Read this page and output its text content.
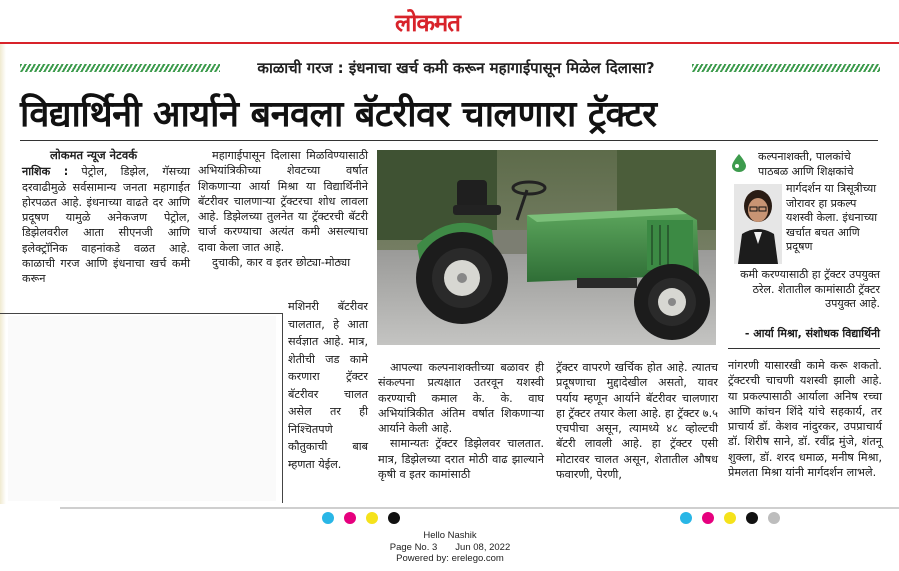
लोकमत
काळाची गरज : इंधनाचा खर्च कमी करून महागाईपासून मिळेल दिलासा?
विद्यार्थिनी आर्याने बनवला बॅटरीवर चालणारा ट्रॅक्टर
लोकमत न्यूज नेटवर्क
नाशिक : पेट्रोल, डिझेल, गॅसच्या दरवाढीमुळे सर्वसामान्य जनता महागाईत होरपळत आहे. इंधनाच्या वाढते दर आणि प्रदूषण यामुळे अनेकजण पेट्रोल, डिझेलवरील आता सीएनजी आणि इलेक्ट्रॉनिक वाहनांकडे वळत आहे. काळाची गरज आणि इंधनाचा खर्च कमी करून

महागाईपासून दिलासा मिळविण्यासाठी अभियांत्रिकीच्या शेवटच्या वर्षात शिकणाऱ्या आर्या मिश्रा या विद्यार्थिनीने बॅटरीवर चालणाऱ्या ट्रॅक्टरचा शोध लावला आहे. डिझेलच्या तुलनेत या ट्रॅक्टरची बॅटरी चार्ज करण्याचा अत्यंत कमी असल्याचा दावा केला जात आहे.

दुचाकी, कार व इतर छोट्या-मोठ्या

मशिनरी बॅटरीवर चालतात, हे आता सर्वज्ञात आहे. मात्र, शेतीची जड कामे करणारा ट्रॅक्टर बॅटरीवर चालत असेल तर ही निश्चितपणे कौतुकाची बाब म्हणता येईल.

आपल्या कल्पनाशक्तीच्या बळावर ही संकल्पना प्रत्यक्षात उतरवून यशस्वी करण्याची कमाल के. के. वाघ अभियांत्रिकीत अंतिम वर्षात शिकणाऱ्या आर्याने केली आहे.

सामान्यतः ट्रॅक्टर डिझेलवर चालतात. मात्र, डिझेलच्या दरात मोठी वाढ झाल्याने कृषी व इतर कामांसाठी

ट्रॅक्टर वापरणे खर्चिक होत आहे. त्यातच प्रदूषणाचा मुद्दादेखील असतो, यावर पर्याय म्हणून आर्याने बॅटरीवर चालणारा हा ट्रॅक्टर तयार केला आहे. हा ट्रॅक्टर ७.५ एचपीचा असून, त्यामध्ये ४८ व्होल्टची बॅटरी लावली आहे. हा ट्रॅक्टर एसी मोटारवर चालत असून, शेतातील औषध फवारणी, पेरणी,
कल्पनाशक्ती, पालकांचे पाठबळ आणि शिक्षकांचे
मार्गदर्शन या त्रिसूत्रीच्या जोरावर हा प्रकल्प यशस्वी केला. इंधनाच्या खर्चात बचत आणि प्रदूषण
कमी करण्यासाठी हा ट्रॅक्टर उपयुक्त ठरेल. शेतातील कामांसाठी ट्रॅक्टर उपयुक्त आहे.
- आर्या मिश्रा, संशोधक विद्यार्थिनी
नांगरणी यासारखी कामे करू शकतो. ट्रॅक्टरची चाचणी यशस्वी झाली आहे. या प्रकल्पासाठी आर्याला अनिष रच्चा आणि कांचन शिंदे यांचे सहकार्य, तर प्राचार्य डॉ. केशव नांदुरकर, उपप्राचार्य डॉ. शिरीष साने, डॉ. रवींद्र मुंजे, शंतनू शुक्ला, डॉ. शरद धमाळ, मनीष मिश्रा, प्रेमलता मिश्रा यांनी मार्गदर्शन लाभले.
Hello Nashik
Page No. 3 Jun 08, 2022
Powered by: erelego.com
